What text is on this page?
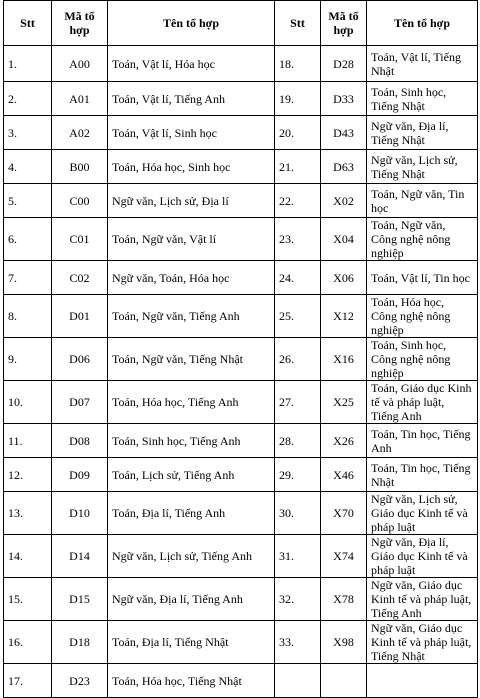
Stt	Mã tổ hợp	Tên tổ hợp	Stt	Mã tổ hợp	Tên tổ hợp
1.	A00	Toán, Vật lí, Hóa học	18.	D28	Toán, Vật lí, Tiếng Nhật
2.	A01	Toán, Vật lí, Tiếng Anh	19.	D33	Toán, Sinh học, Tiếng Nhật
3.	A02	Toán, Vật lí, Sinh học	20.	D43	Ngữ văn, Địa lí, Tiếng Nhật
4.	B00	Toán, Hóa học, Sinh học	21.	D63	Ngữ văn, Lịch sử, Tiếng Nhật
5.	C00	Ngữ văn, Lịch sử, Địa lí	22.	X02	Toán, Ngữ văn, Tin học
6.	C01	Toán, Ngữ văn, Vật lí	23.	X04	Toán, Ngữ văn, Công nghệ nông nghiệp
7.	C02	Ngữ văn, Toán, Hóa học	24.	X06	Toán, Vật lí, Tin học
8.	D01	Toán, Ngữ văn, Tiếng Anh	25.	X12	Toán, Hóa học, Công nghệ nông nghiệp
9.	D06	Toán, Ngữ văn, Tiếng Nhật	26.	X16	Toán, Sinh học, Công nghệ nông nghiệp
10.	D07	Toán, Hóa học, Tiếng Anh	27.	X25	Toán, Giáo dục Kinh tế và pháp luật, Tiếng Anh
11.	D08	Toán, Sinh học, Tiếng Anh	28.	X26	Toán, Tin học, Tiếng Anh
12.	D09	Toán, Lịch sử, Tiếng Anh	29.	X46	Toán, Tin học, Tiếng Nhật
13.	D10	Toán, Địa lí, Tiếng Anh	30.	X70	Ngữ văn, Lịch sử, Giáo dục Kinh tế và pháp luật
14.	D14	Ngữ văn, Lịch sử, Tiếng Anh	31.	X74	Ngữ văn, Địa lí, Giáo dục Kinh tế và pháp luật
15.	D15	Ngữ văn, Địa lí, Tiếng Anh	32.	X78	Ngữ văn, Giáo dục Kinh tế và pháp luật, Tiếng Anh
16.	D18	Toán, Địa lí, Tiếng Nhật	33.	X98	Ngữ văn, Giáo dục Kinh tế và pháp luật, Tiếng Nhật
17.	D23	Toán, Hóa học, Tiếng Nhật			
